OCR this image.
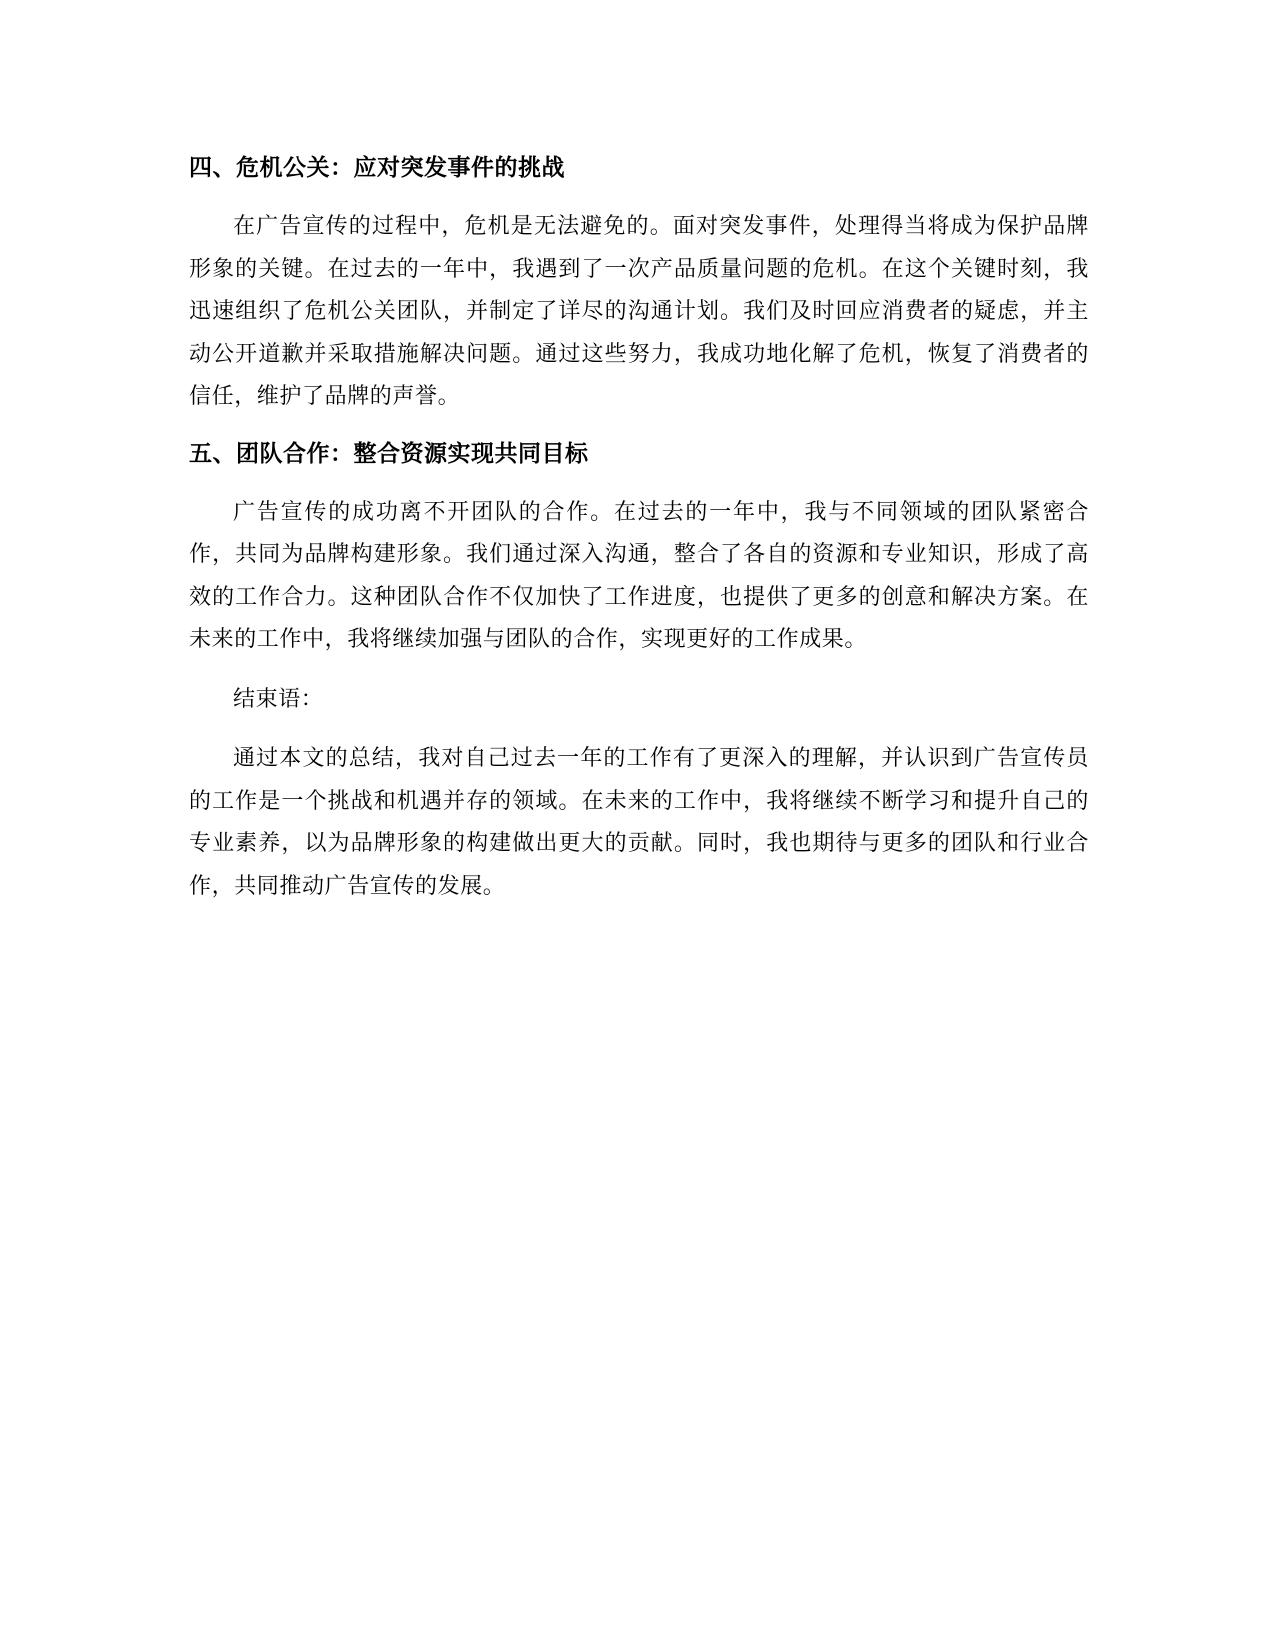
四、危机公关：应对突发事件的挑战

在广告宣传的过程中，危机是无法避免的。面对突发事件，处理得当将成为保护品牌形象的关键。在过去的一年中，我遇到了一次产品质量问题的危机。在这个关键时刻，我迅速组织了危机公关团队，并制定了详尽的沟通计划。我们及时回应消费者的疑虑，并主动公开道歉并采取措施解决问题。通过这些努力，我成功地化解了危机，恢复了消费者的信任，维护了品牌的声誉。

五、团队合作：整合资源实现共同目标

广告宣传的成功离不开团队的合作。在过去的一年中，我与不同领域的团队紧密合作，共同为品牌构建形象。我们通过深入沟通，整合了各自的资源和专业知识，形成了高效的工作合力。这种团队合作不仅加快了工作进度，也提供了更多的创意和解决方案。在未来的工作中，我将继续加强与团队的合作，实现更好的工作成果。

结束语：

通过本文的总结，我对自己过去一年的工作有了更深入的理解，并认识到广告宣传员的工作是一个挑战和机遇并存的领域。在未来的工作中，我将继续不断学习和提升自己的专业素养，以为品牌形象的构建做出更大的贡献。同时，我也期待与更多的团队和行业合作，共同推动广告宣传的发展。
